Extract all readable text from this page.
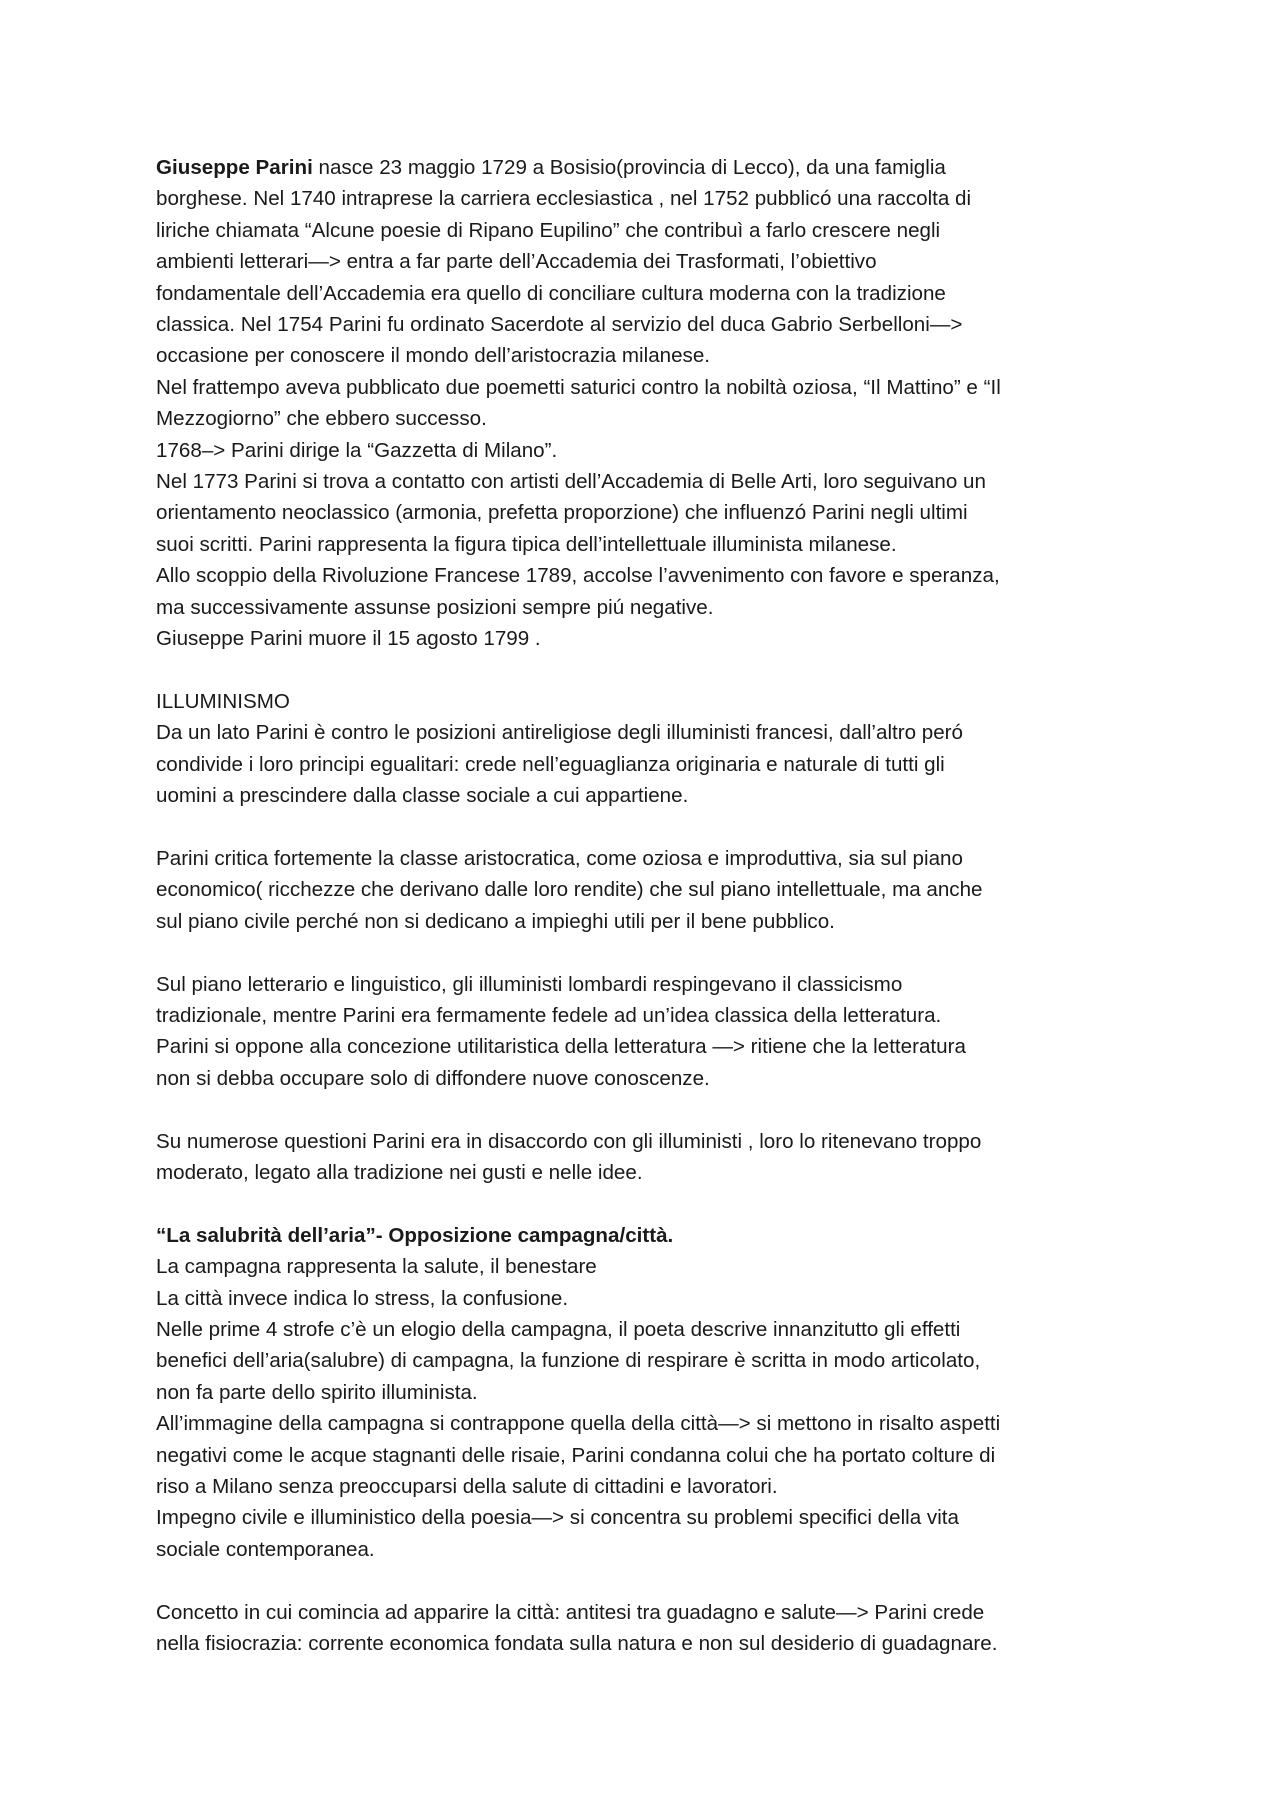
Giuseppe Parini nasce 23 maggio 1729 a Bosisio(provincia di Lecco), da una famiglia
borghese. Nel 1740 intraprese la carriera ecclesiastica , nel 1752 pubblicó una raccolta di
liriche chiamata “Alcune poesie di Ripano Eupilino” che contribuì a farlo crescere negli
ambienti letterari—> entra a far parte dell’Accademia dei Trasformati, l’obiettivo
fondamentale dell’Accademia era quello di conciliare cultura moderna con la tradizione
classica. Nel 1754 Parini fu ordinato Sacerdote al servizio del duca Gabrio Serbelloni—>
occasione per conoscere il mondo dell’aristocrazia milanese.
Nel frattempo aveva pubblicato due poemetti saturici contro la nobiltà oziosa, “Il Mattino” e “Il
Mezzogiorno” che ebbero successo.
1768–> Parini dirige la “Gazzetta di Milano”.
Nel 1773 Parini si trova a contatto con artisti dell’Accademia di Belle Arti, loro seguivano un
orientamento neoclassico (armonia, prefetta proporzione) che influenzó Parini negli ultimi
suoi scritti. Parini rappresenta la figura tipica dell’intellettuale illuminista milanese.
Allo scoppio della Rivoluzione Francese 1789, accolse l’avvenimento con favore e speranza,
ma successivamente assunse posizioni sempre piú negative.
Giuseppe Parini muore il 15 agosto 1799 .
ILLUMINISMO
Da un lato Parini è contro le posizioni antireligiose degli illuministi francesi, dall’altro peró
condivide i loro principi egualitari: crede nell’eguaglianza originaria e naturale di tutti gli
uomini a prescindere dalla classe sociale a cui appartiene.
Parini critica fortemente la classe aristocratica, come oziosa e improduttiva, sia sul piano
economico( ricchezze che derivano dalle loro rendite) che sul piano intellettuale, ma anche
sul piano civile perché non si dedicano a impieghi utili per il bene pubblico.
Sul piano letterario e linguistico, gli illuministi lombardi respingevano il classicismo
tradizionale, mentre Parini era fermamente fedele ad un’idea classica della letteratura.
Parini si oppone alla concezione utilitaristica della letteratura —> ritiene che la letteratura
non si debba occupare solo di diffondere nuove conoscenze.
Su numerose questioni Parini era in disaccordo con gli illuministi , loro lo ritenevano troppo
moderato, legato alla tradizione nei gusti e nelle idee.
“La salubrità dell’aria”- Opposizione campagna/città.
La campagna rappresenta la salute, il benestare
La città invece indica lo stress, la confusione.
Nelle prime 4 strofe c’è un elogio della campagna, il poeta descrive innanzitutto gli effetti
benefici dell’aria(salubre) di campagna, la funzione di respirare è scritta in modo articolato,
non fa parte dello spirito illuminista.
All’immagine della campagna si contrappone quella della città—> si mettono in risalto aspetti
negativi come le acque stagnanti delle risaie, Parini condanna colui che ha portato colture di
riso a Milano senza preoccuparsi della salute di cittadini e lavoratori.
Impegno civile e illuministico della poesia—> si concentra su problemi specifici della vita
sociale contemporanea.
Concetto in cui comincia ad apparire la città: antitesi tra guadagno e salute—> Parini crede
nella fisiocrazia: corrente economica fondata sulla natura e non sul desiderio di guadagnare.
